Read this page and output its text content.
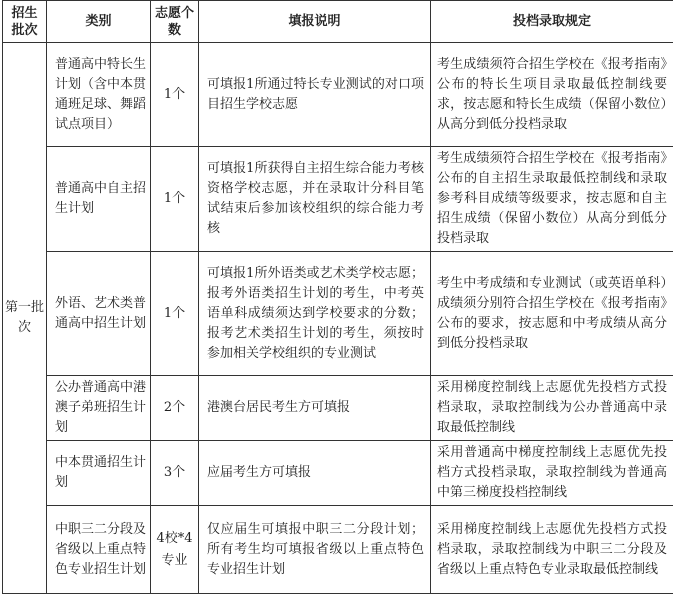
招生批次	类别	志愿个数	填报说明	投档录取规定
第一批次	普通高中特长生计划（含中本贯通班足球、舞蹈试点项目）	1个	可填报1所通过特长专业测试的对口项目招生学校志愿	考生成绩须符合招生学校在《报考指南》公布的特长生项目录取最低控制线要求，按志愿和特长生成绩（保留小数位）从高分到低分投档录取
	普通高中自主招生计划	1个	可填报1所获得自主招生综合能力考核资格学校志愿，并在录取计分科目笔试结束后参加该校组织的综合能力考核	考生成绩须符合招生学校在《报考指南》公布的自主招生录取最低控制线和录取参考科目成绩等级要求，按志愿和自主招生成绩（保留小数位）从高分到低分投档录取
	外语、艺术类普通高中招生计划	1个	可填报1所外语类或艺术类学校志愿；报考外语类招生计划的考生，中考英语单科成绩须达到学校要求的分数；报考艺术类招生计划的考生，须按时参加相关学校组织的专业测试	考生中考成绩和专业测试（或英语单科）成绩须分别符合招生学校在《报考指南》公布的要求，按志愿和中考成绩从高分到低分投档录取
	公办普通高中港澳子弟班招生计划	2个	港澳台居民考生方可填报	采用梯度控制线上志愿优先投档方式投档录取，录取控制线为公办普通高中录取最低控制线
	中本贯通招生计划	3个	应届考生方可填报	采用普通高中梯度控制线上志愿优先投档方式投档录取，录取控制线为普通高中第三梯度投档控制线
	中职三二分段及省级以上重点特色专业招生计划	4校*4专业	仅应届生可填报中职三二分段计划；所有考生均可填报省级以上重点特色专业招生计划	采用梯度控制线上志愿优先投档方式投档录取，录取控制线为中职三二分段及省级以上重点特色专业录取最低控制线
